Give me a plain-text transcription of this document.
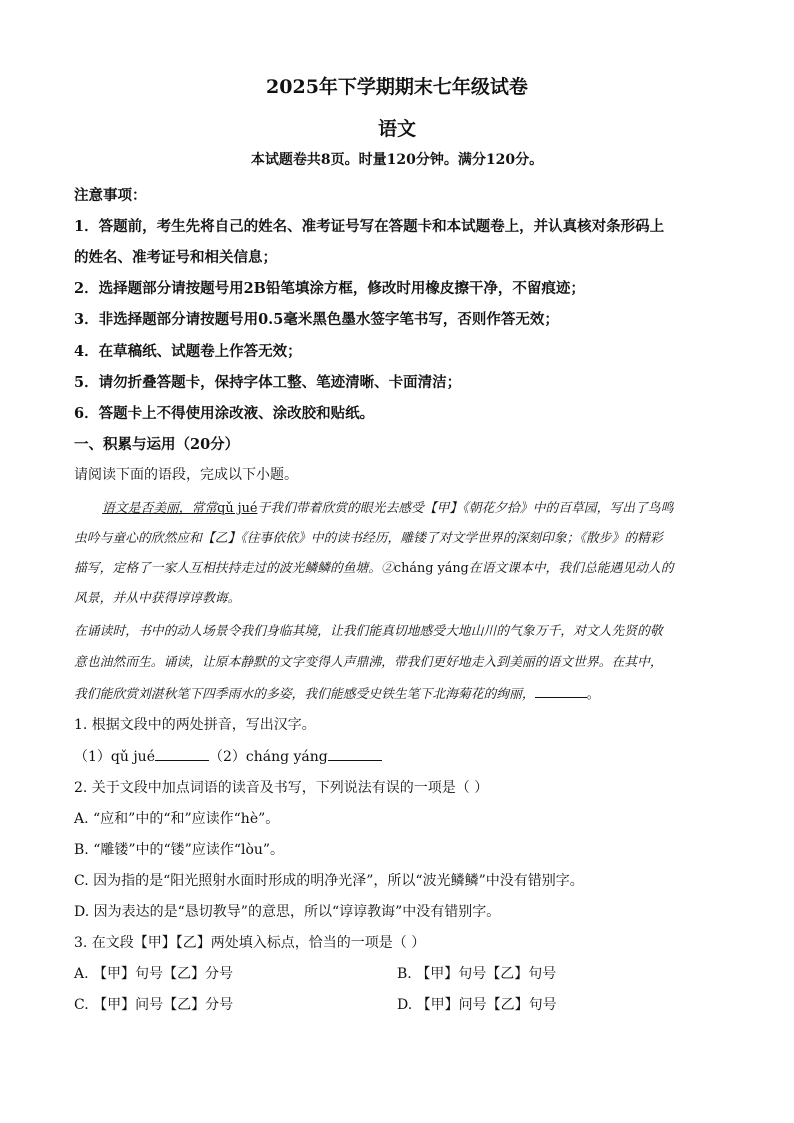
2025年下学期期末七年级试卷
语文
本试题卷共8页。时量120分钟。满分120分。
注意事项：
1．答题前，考生先将自己的姓名、准考证号写在答题卡和本试题卷上，并认真核对条形码上
的姓名、准考证号和相关信息；
2．选择题部分请按题号用2B铅笔填涂方框，修改时用橡皮擦干净，不留痕迹；
3．非选择题部分请按题号用0.5毫米黑色墨水签字笔书写，否则作答无效；
4．在草稿纸、试题卷上作答无效；
5．请勿折叠答题卡，保持字体工整、笔迹清晰、卡面清洁；
6．答题卡上不得使用涂改液、涂改胶和贴纸。
一、积累与运用（20分）
请阅读下面的语段，完成以下小题。
语文是否美丽，常常qǔ jué于我们带着欣赏的眼光去感受【甲】《朝花夕拾》中的百草园，写出了鸟鸣
虫吟与童心的欣然应和【乙】《往事依依》中的读书经历，雕镂了对文学世界的深刻印象；《散步》的精彩
描写，定格了一家人互相扶持走过的波光鳞鳞的鱼塘。②cháng yáng在语文课本中，我们总能遇见动人的
风景，并从中获得谆谆教诲。
在诵读时，书中的动人场景令我们身临其境，让我们能真切地感受大地山川的气象万千，对文人先贤的敬
意也油然而生。诵读，让原本静默的文字变得人声鼎沸，带我们更好地走入到美丽的语文世界。在其中，
我们能欣赏刘湛秋笔下四季雨水的多姿，我们能感受史铁生笔下北海菊花的绚丽，	。
1. 根据文段中的两处拼音，写出汉字。
（1）qǔ jué	（2）cháng yáng
2. 关于文段中加点词语的读音及书写，下列说法有误的一项是（ ）
A. “应和”中的“和”应读作“hè”。
B. “雕镂”中的“镂”应读作“lòu”。
C. 因为指的是“阳光照射水面时形成的明净光泽”，所以“波光鳞鳞”中没有错别字。
D. 因为表达的是“恳切教导”的意思，所以“谆谆教诲”中没有错别字。
3. 在文段【甲】【乙】两处填入标点，恰当的一项是（ ）
A. 【甲】句号【乙】分号	B. 【甲】句号【乙】句号
C. 【甲】问号【乙】分号	D. 【甲】问号【乙】句号
